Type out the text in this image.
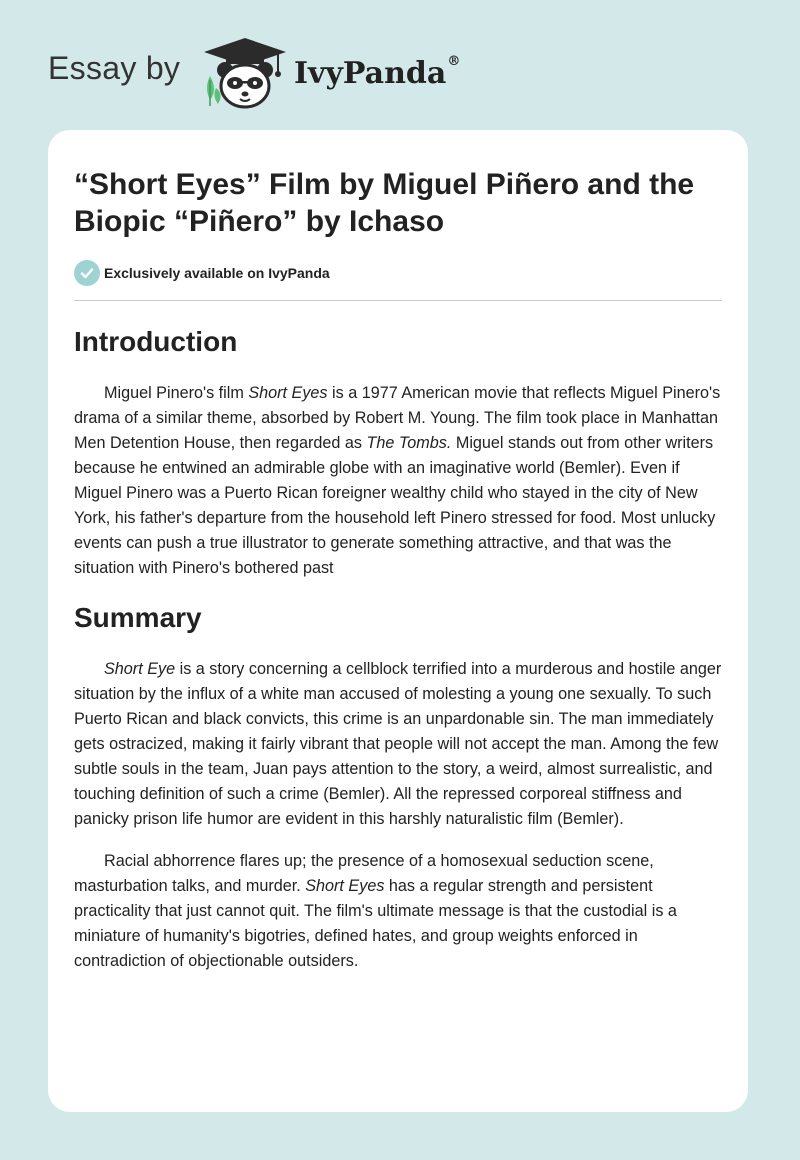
Essay by	IvyPanda®
“Short Eyes” Film by Miguel Piñero and the Biopic “Piñero” by Ichaso
Exclusively available on IvyPanda
Introduction

Miguel Pinero's film Short Eyes is a 1977 American movie that reflects Miguel Pinero's drama of a similar theme, absorbed by Robert M. Young. The film took place in Manhattan Men Detention House, then regarded as The Tombs. Miguel stands out from other writers because he entwined an admirable globe with an imaginative world (Bemler). Even if Miguel Pinero was a Puerto Rican foreigner wealthy child who stayed in the city of New York, his father's departure from the household left Pinero stressed for food. Most unlucky events can push a true illustrator to generate something attractive, and that was the situation with Pinero's bothered past

Summary

Short Eye is a story concerning a cellblock terrified into a murderous and hostile anger situation by the influx of a white man accused of molesting a young one sexually. To such Puerto Rican and black convicts, this crime is an unpardonable sin. The man immediately gets ostracized, making it fairly vibrant that people will not accept the man. Among the few subtle souls in the team, Juan pays attention to the story, a weird, almost surrealistic, and touching definition of such a crime (Bemler). All the repressed corporeal stiffness and panicky prison life humor are evident in this harshly naturalistic film (Bemler).

Racial abhorrence flares up; the presence of a homosexual seduction scene, masturbation talks, and murder. Short Eyes has a regular strength and persistent practicality that just cannot quit. The film's ultimate message is that the custodial is a miniature of humanity's bigotries, defined hates, and group weights enforced in contradiction of objectionable outsiders.
